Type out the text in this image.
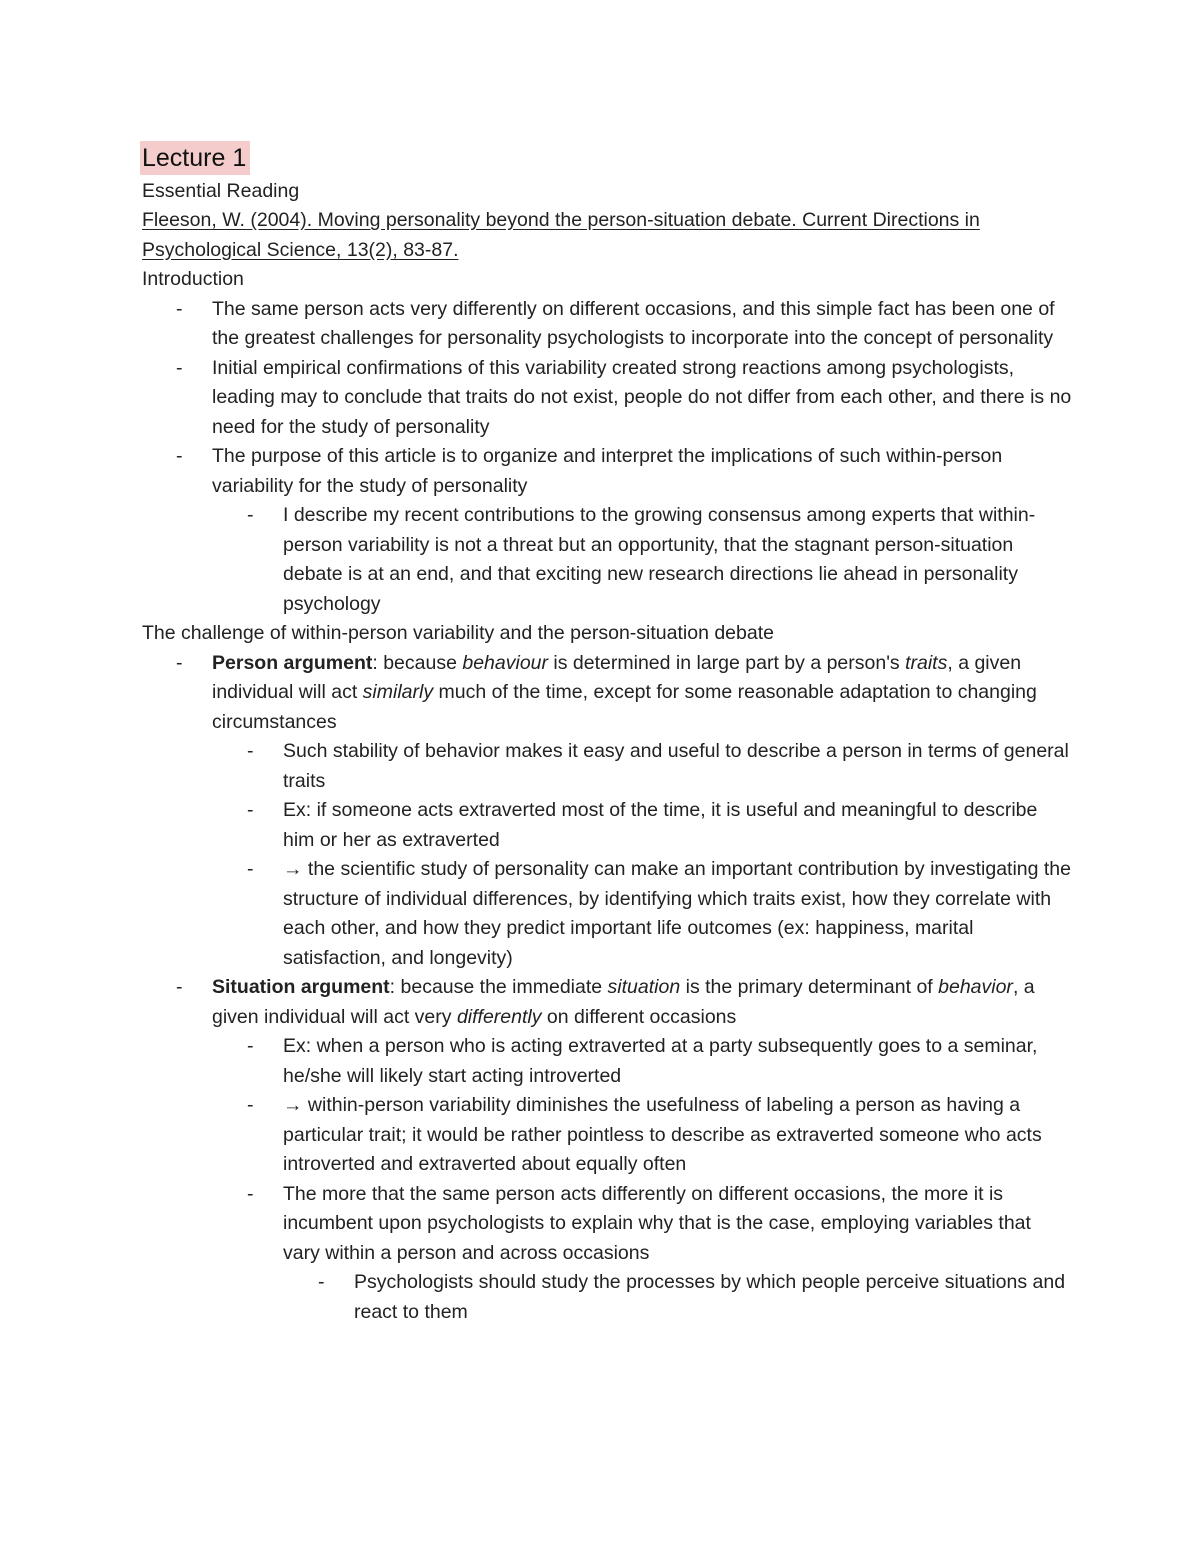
Lecture 1
Essential Reading
Fleeson, W. (2004). Moving personality beyond the person-situation debate. Current Directions in Psychological Science, 13(2), 83-87.
Introduction
- The same person acts very differently on different occasions, and this simple fact has been one of the greatest challenges for personality psychologists to incorporate into the concept of personality
- Initial empirical confirmations of this variability created strong reactions among psychologists, leading may to conclude that traits do not exist, people do not differ from each other, and there is no need for the study of personality
- The purpose of this article is to organize and interpret the implications of such within-person variability for the study of personality
- I describe my recent contributions to the growing consensus among experts that within-person variability is not a threat but an opportunity, that the stagnant person-situation debate is at an end, and that exciting new research directions lie ahead in personality psychology
The challenge of within-person variability and the person-situation debate
- Person argument: because behaviour is determined in large part by a person's traits, a given individual will act similarly much of the time, except for some reasonable adaptation to changing circumstances
- Such stability of behavior makes it easy and useful to describe a person in terms of general traits
- Ex: if someone acts extraverted most of the time, it is useful and meaningful to describe him or her as extraverted
- → the scientific study of personality can make an important contribution by investigating the structure of individual differences, by identifying which traits exist, how they correlate with each other, and how they predict important life outcomes (ex: happiness, marital satisfaction, and longevity)
- Situation argument: because the immediate situation is the primary determinant of behavior, a given individual will act very differently on different occasions
- Ex: when a person who is acting extraverted at a party subsequently goes to a seminar, he/she will likely start acting introverted
- → within-person variability diminishes the usefulness of labeling a person as having a particular trait; it would be rather pointless to describe as extraverted someone who acts introverted and extraverted about equally often
- The more that the same person acts differently on different occasions, the more it is incumbent upon psychologists to explain why that is the case, employing variables that vary within a person and across occasions
- Psychologists should study the processes by which people perceive situations and react to them
